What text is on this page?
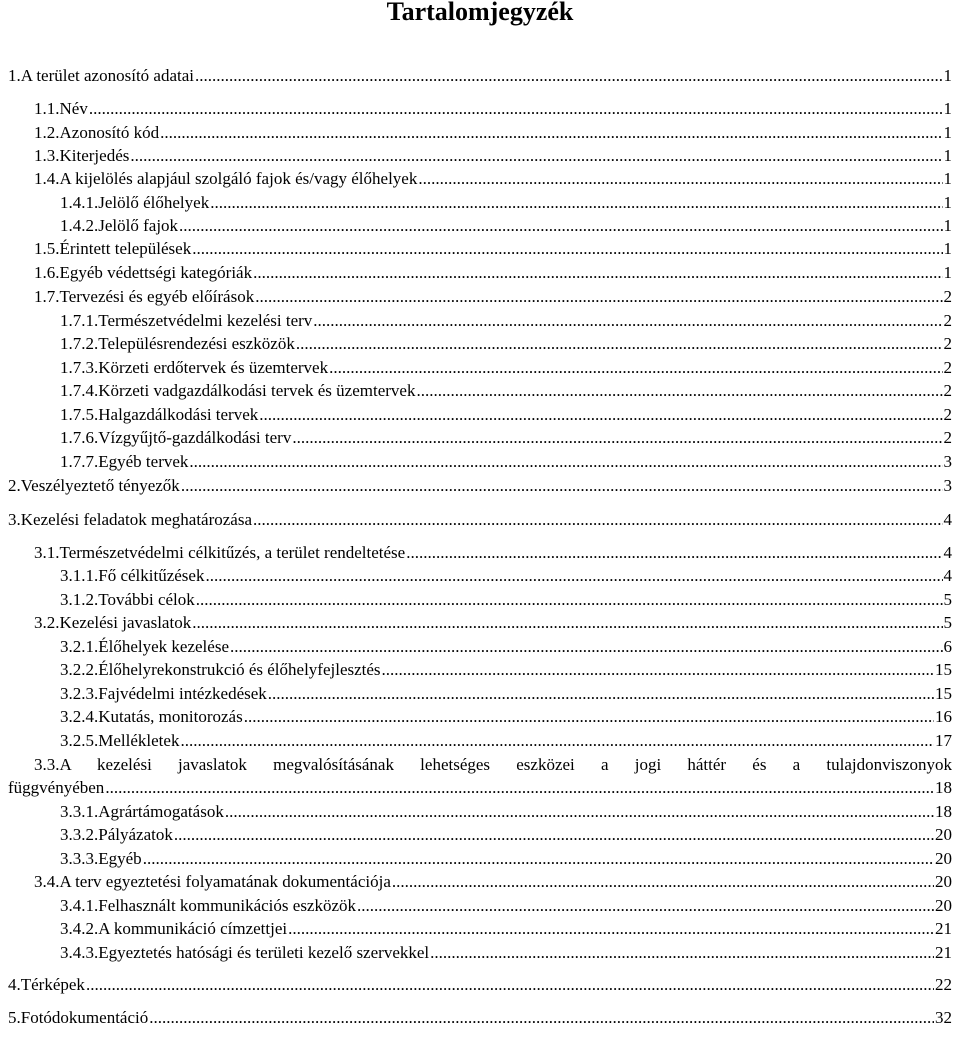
Tartalomjegyzék
1.A terület azonosító adatai .....	1
1.1.Név .....	1
1.2.Azonosító kód .....	1
1.3.Kiterjedés .....	1
1.4.A kijelölés alapjául szolgáló fajok és/vagy élőhelyek .....	1
1.4.1.Jelölő élőhelyek .....	1
1.4.2.Jelölő fajok .....	1
1.5.Érintett települések .....	1
1.6.Egyéb védettségi kategóriák .....	1
1.7.Tervezési és egyéb előírások .....	2
1.7.1.Természetvédelmi kezelési terv .....	2
1.7.2.Településrendezési eszközök .....	2
1.7.3.Körzeti erdőtervek és üzemtervek .....	2
1.7.4.Körzeti vadgazdálkodási tervek és üzemtervek .....	2
1.7.5.Halgazdálkodási tervek .....	2
1.7.6.Vízgyűjtő-gazdálkodási terv .....	2
1.7.7.Egyéb tervek .....	3
2.Veszélyeztető tényezők .....	3
3.Kezelési feladatok meghatározása .....	4
3.1.Természetvédelmi célkitűzés, a terület rendeltetése .....	4
3.1.1.Fő célkitűzések .....	4
3.1.2.További célok .....	5
3.2.Kezelési javaslatok .....	5
3.2.1.Élőhelyek kezelése .....	6
3.2.2.Élőhelyrekonstrukció és élőhelyfejlesztés .....	15
3.2.3.Fajvédelmi intézkedések .....	15
3.2.4.Kutatás, monitorozás .....	16
3.2.5.Mellékletek .....	17
3.3.A kezelési javaslatok megvalósításának lehetséges eszközei a jogi háttér és a tulajdonviszonyok
függvényében .....	18
3.3.1.Agrártámogatások .....	18
3.3.2.Pályázatok .....	20
3.3.3.Egyéb .....	20
3.4.A terv egyeztetési folyamatának dokumentációja .....	20
3.4.1.Felhasznált kommunikációs eszközök .....	20
3.4.2.A kommunikáció címzettjei .....	21
3.4.3.Egyeztetés hatósági és területi kezelő szervekkel .....	21
4.Térképek .....	22
5.Fotódokumentáció .....	32
